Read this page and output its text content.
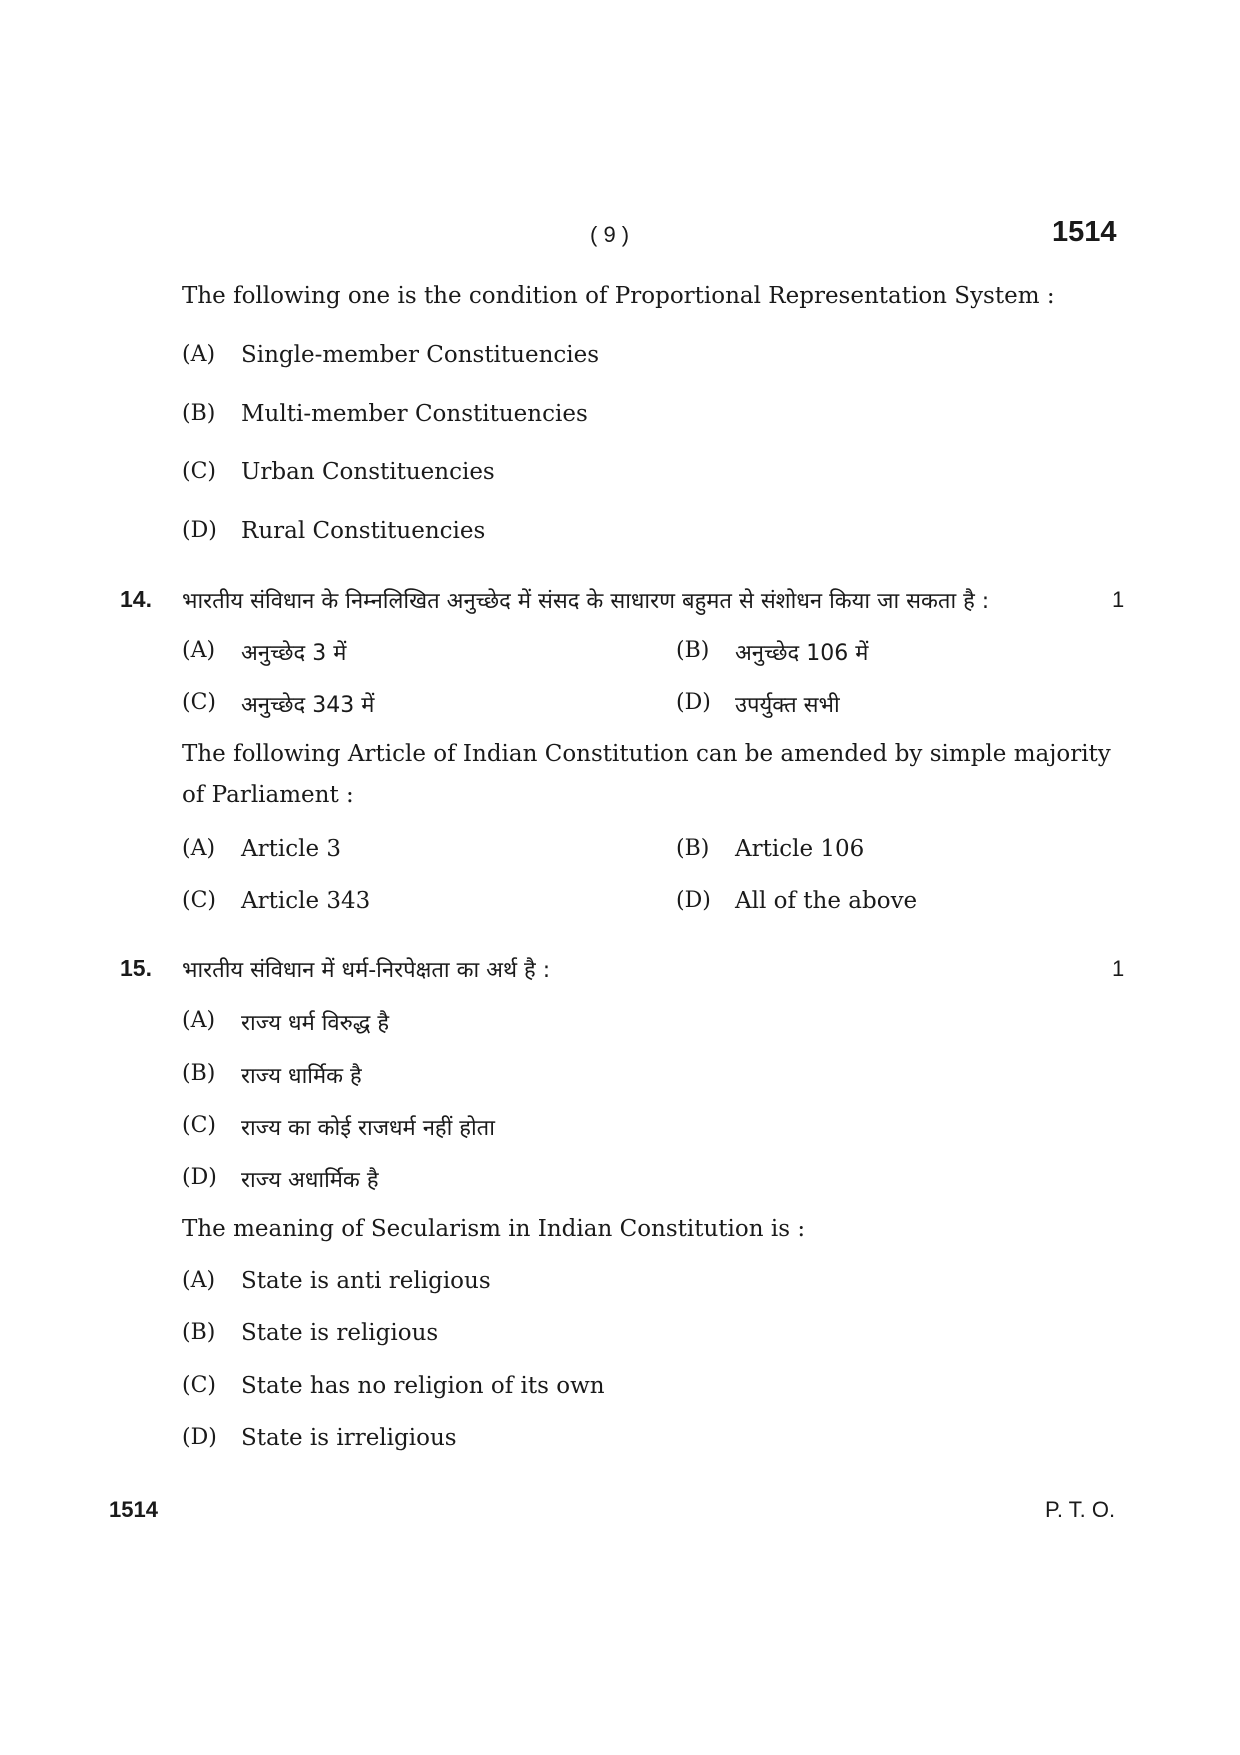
( 9 )	1514
The following one is the condition of Proportional Representation System :
(A) Single-member Constituencies
(B) Multi-member Constituencies
(C) Urban Constituencies
(D) Rural Constituencies
14. भारतीय संविधान के निम्नलिखित अनुच्छेद में संसद के साधारण बहुमत से संशोधन किया जा सकता है :	1
(A) अनुच्छेद 3 में	(B) अनुच्छेद 106 में
(C) अनुच्छेद 343 में	(D) उपर्युक्त सभी
The following Article of Indian Constitution can be amended by simple majority
of Parliament :
(A) Article 3	(B) Article 106
(C) Article 343	(D) All of the above
15. भारतीय संविधान में धर्म-निरपेक्षता का अर्थ है :	1
(A) राज्य धर्म विरुद्ध है
(B) राज्य धार्मिक है
(C) राज्य का कोई राजधर्म नहीं होता
(D) राज्य अधार्मिक है
The meaning of Secularism in Indian Constitution is :
(A) State is anti religious
(B) State is religious
(C) State has no religion of its own
(D) State is irreligious
1514	P. T. O.
